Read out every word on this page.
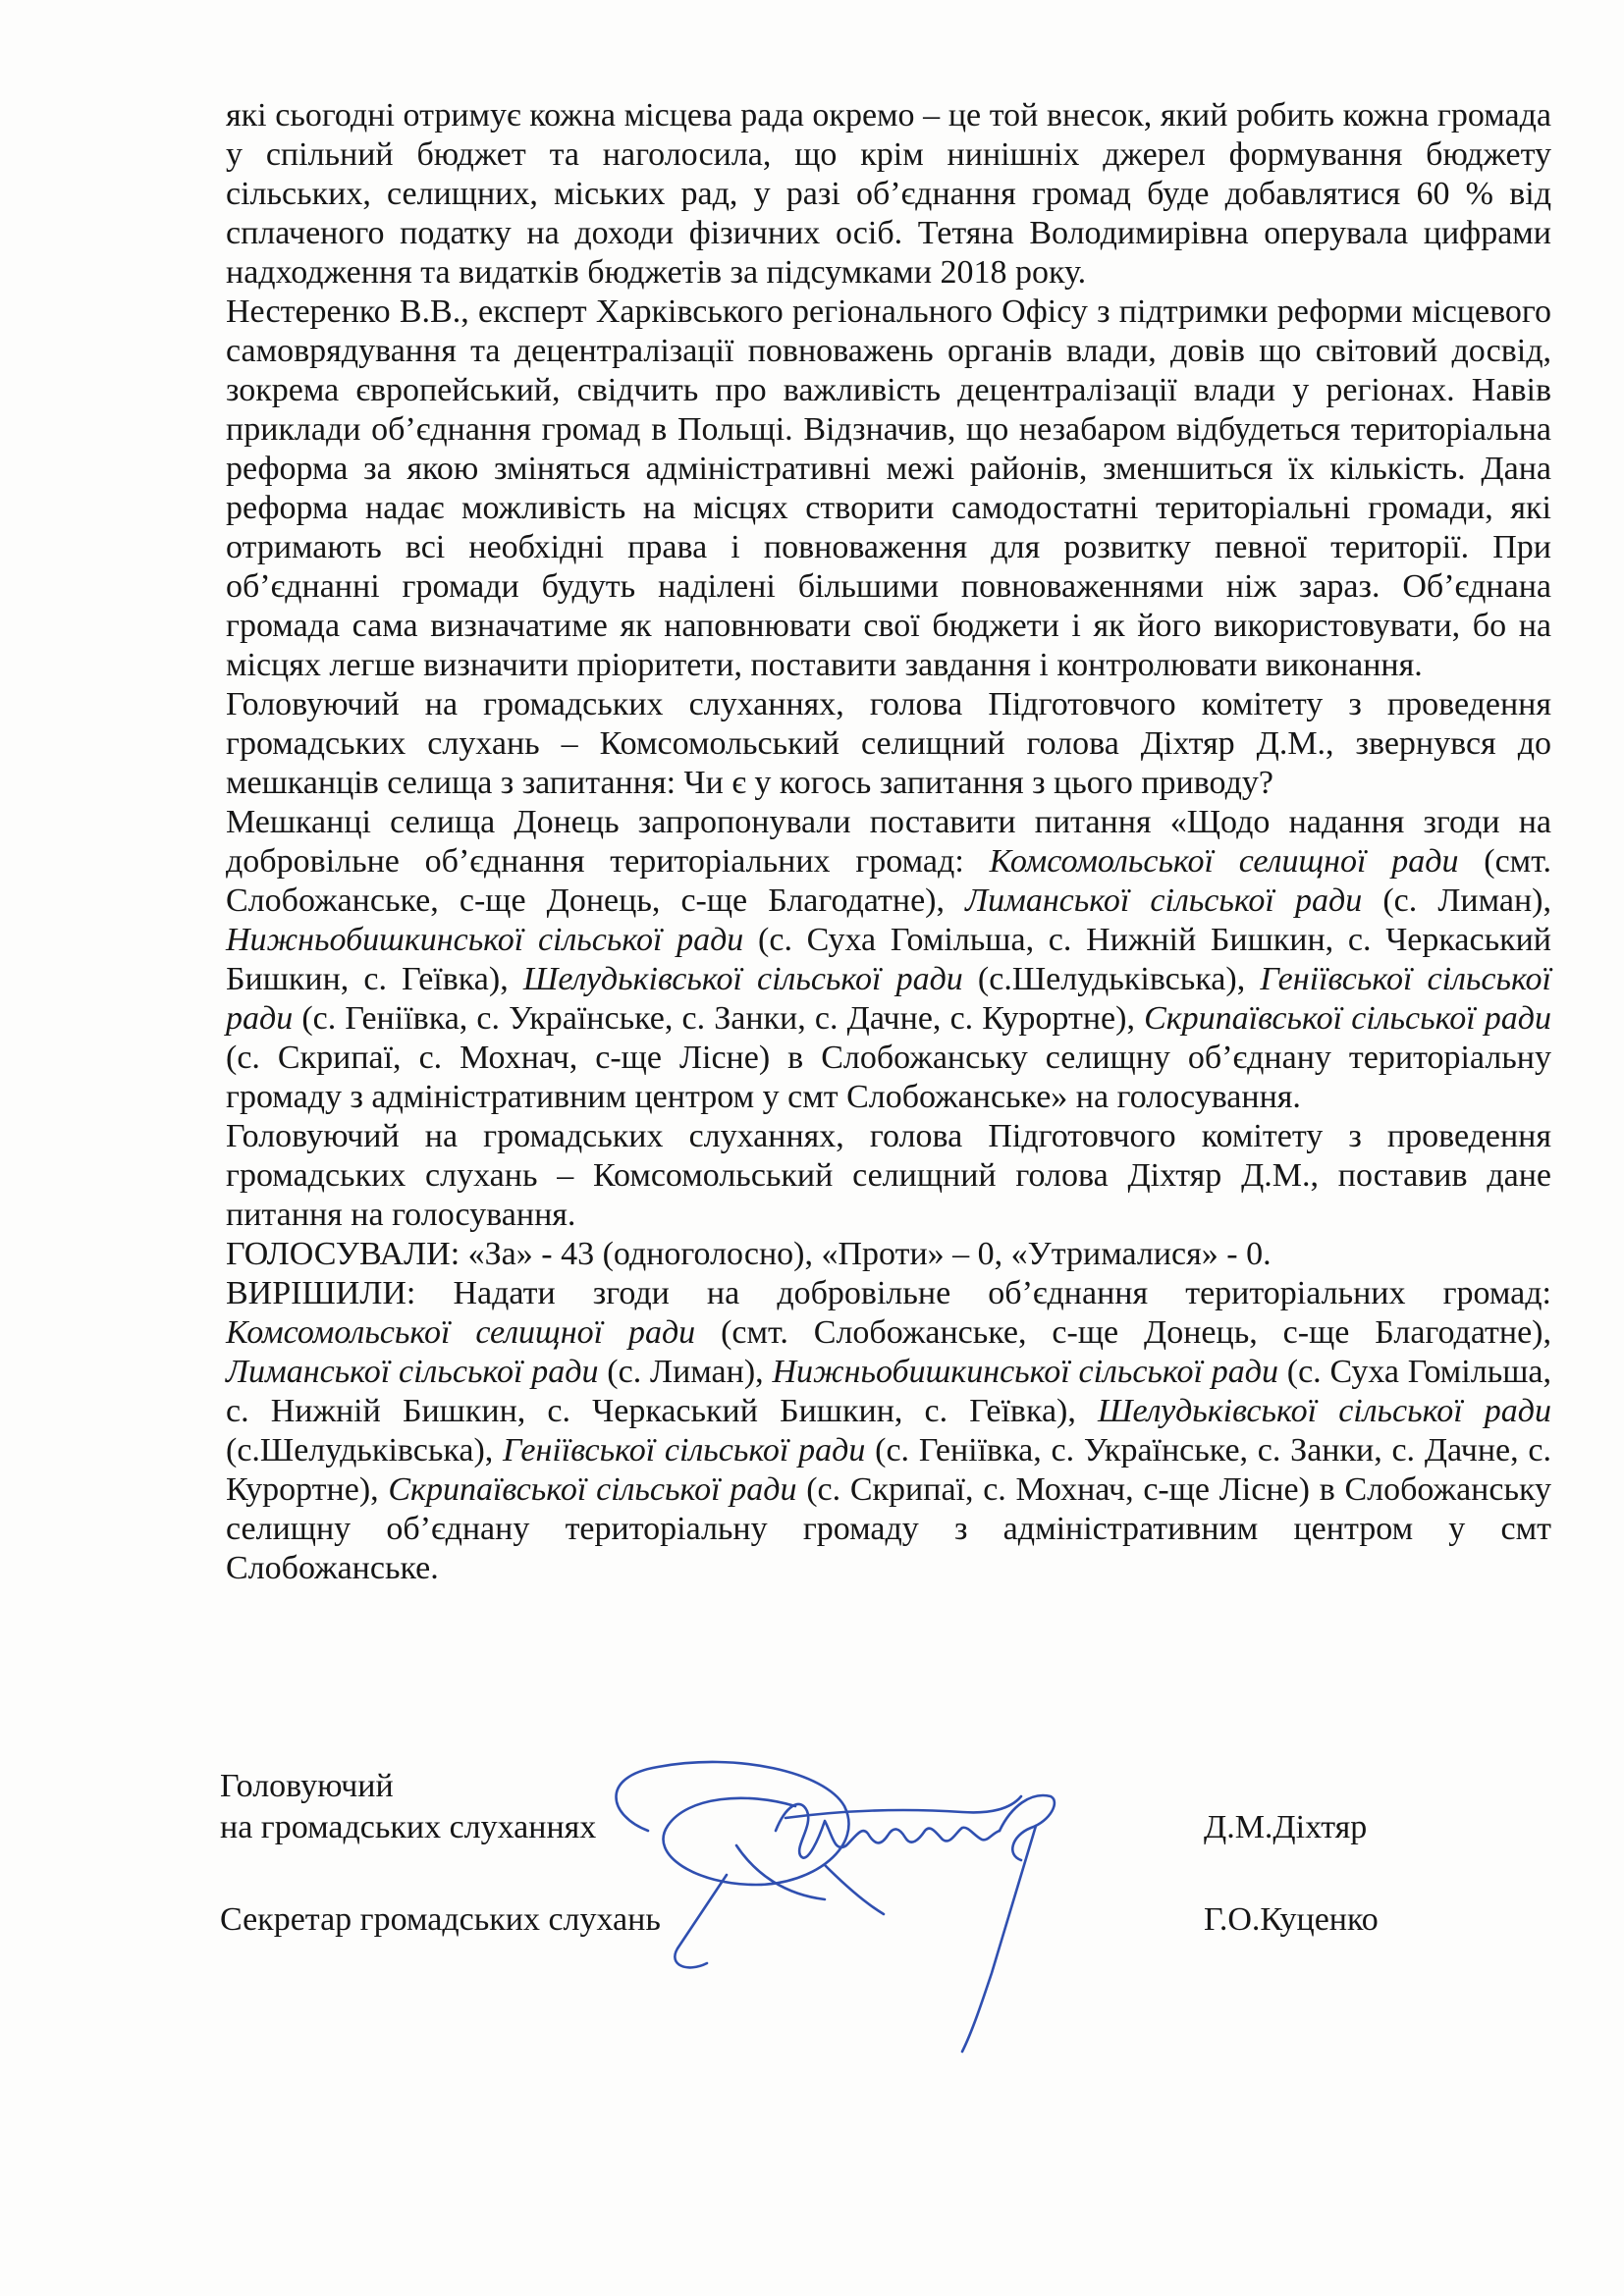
які сьогодні отримує кожна місцева рада окремо – це той внесок, який робить кожна громада у спільний бюджет та наголосила, що крім нинішніх джерел формування бюджету сільських, селищних, міських рад, у разі об’єднання громад буде добавлятися 60 % від сплаченого податку на доходи фізичних осіб. Тетяна Володимирівна оперувала цифрами надходження та видатків бюджетів за підсумками 2018 року.

Нестеренко В.В., експерт Харківського регіонального Офісу з підтримки реформи місцевого самоврядування та децентралізації повноважень органів влади, довів що світовий досвід, зокрема європейський, свідчить про важливість децентралізації влади у регіонах. Навів приклади об’єднання громад в Польщі. Відзначив, що незабаром відбудеться територіальна реформа за якою зміняться адміністративні межі районів, зменшиться їх кількість. Дана реформа надає можливість на місцях створити самодостатні територіальні громади, які отримають всі необхідні права і повноваження для розвитку певної території. При об’єднанні громади будуть наділені більшими повноваженнями ніж зараз. Об’єднана громада сама визначатиме як наповнювати свої бюджети і як його використовувати, бо на місцях легше визначити пріоритети, поставити завдання і контролювати виконання.

Головуючий на громадських слуханнях, голова Підготовчого комітету з проведення громадських слухань – Комсомольський селищний голова Діхтяр Д.М., звернувся до мешканців селища з запитання: Чи є у когось запитання з цього приводу?

Мешканці селища Донець запропонували поставити питання «Щодо надання згоди на добровільне об’єднання територіальних громад: Комсомольської селищної ради (смт. Слобожанське, с-ще Донець, с-ще Благодатне), Лиманської сільської ради (с. Лиман), Нижньобишкинської сільської ради (с. Суха Гомільша, с. Нижній Бишкин, с. Черкаський Бишкин, с. Геївка), Шелудьківської сільської ради (с.Шелудьківська), Геніївської сільської ради (с. Геніївка, с. Українське, с. Занки, с. Дачне, с. Курортне), Скрипаївської сільської ради (с. Скрипаї, с. Мохнач, с-ще Лісне) в Слобожанську селищну об’єднану територіальну громаду з адміністративним центром у смт Слобожанське» на голосування.

Головуючий на громадських слуханнях, голова Підготовчого комітету з проведення громадських слухань – Комсомольський селищний голова Діхтяр Д.М., поставив дане питання на голосування.

ГОЛОСУВАЛИ: «За» - 43 (одноголосно), «Проти» – 0, «Утрималися» - 0.

ВИРІШИЛИ: Надати згоди на добровільне об’єднання територіальних громад: Комсомольської селищної ради (смт. Слобожанське, с-ще Донець, с-ще Благодатне), Лиманської сільської ради (с. Лиман), Нижньобишкинської сільської ради (с. Суха Гомільша, с. Нижній Бишкин, с. Черкаський Бишкин, с. Геївка), Шелудьківської сільської ради (с.Шелудьківська), Геніївської сільської ради (с. Геніївка, с. Українське, с. Занки, с. Дачне, с. Курортне), Скрипаївської сільської ради (с. Скрипаї, с. Мохнач, с-ще Лісне) в Слобожанську селищну об’єднану територіальну громаду з адміністративним центром у смт Слобожанське.

Головуючий
на громадських слуханнях	Д.М.Діхтяр
Секретар громадських слухань	Г.О.Куценко
